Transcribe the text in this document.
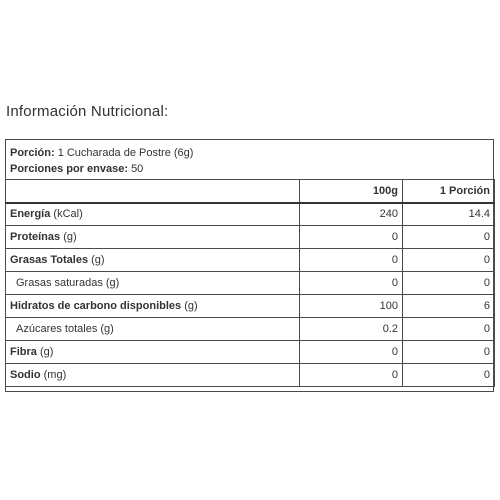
Información Nutricional:
Porción: 1 Cucharada de Postre (6g)
Porciones por envase: 50
	100g	1 Porción
Energía (kCal)	240	14.4
Proteínas (g)	0	0
Grasas Totales (g)	0	0
Grasas saturadas (g)	0	0
Hidratos de carbono disponibles (g)	100	6
Azúcares totales (g)	0.2	0
Fibra (g)	0	0
Sodio (mg)	0	0
